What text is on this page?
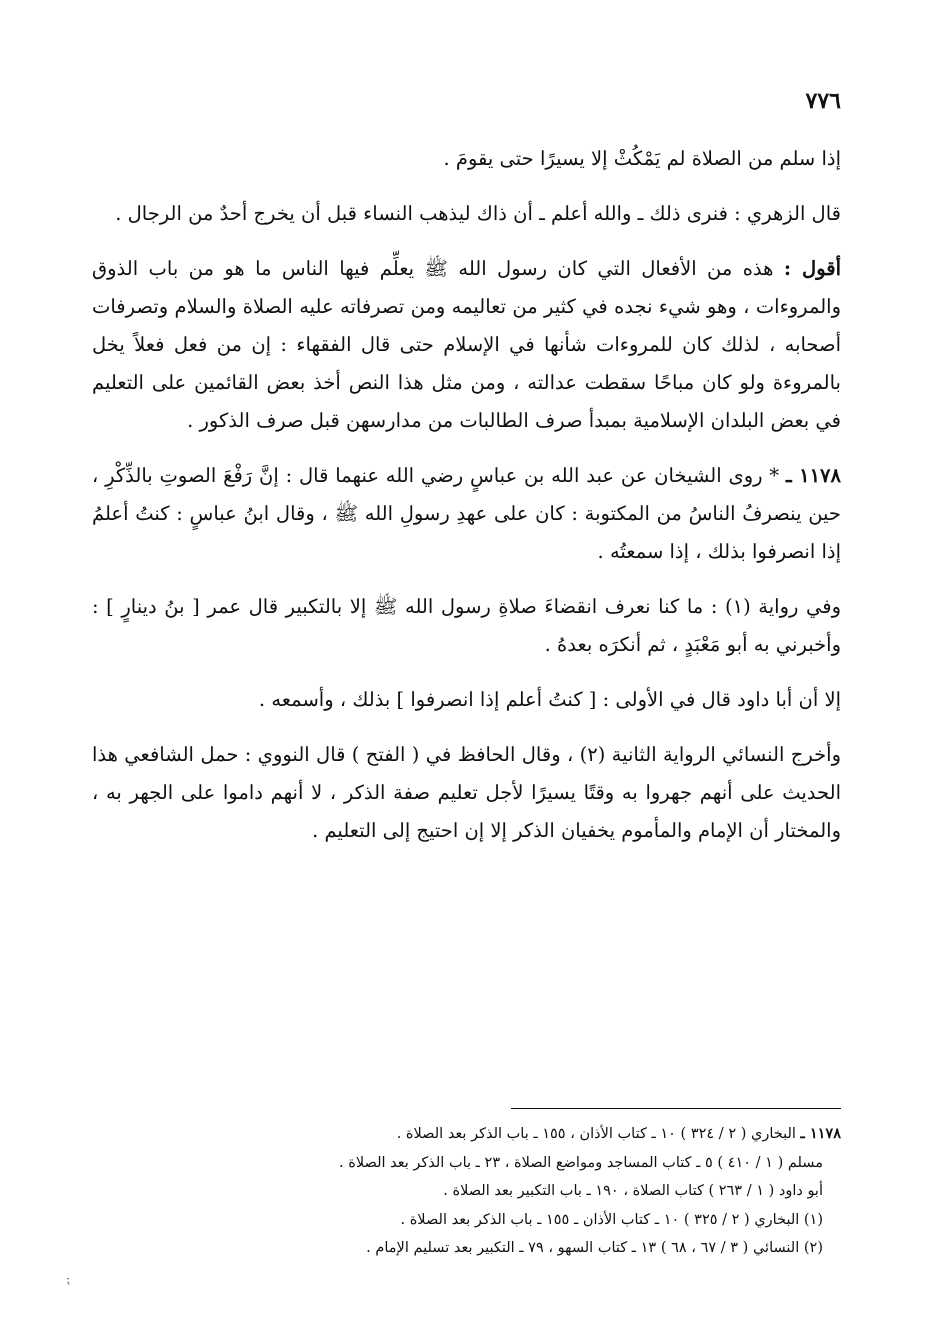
٧٧٦

إذا سلم من الصلاة لم يَمْكُثْ إلا يسيرًا حتى يقومَ .

قال الزهري : فنرى ذلك ـ والله أعلم ـ أن ذاك ليذهب النساء قبل أن يخرج أحدٌ من الرجال .

أقول : هذه من الأفعال التي كان رسول الله ﷺ يعلِّم فيها الناس ما هو من باب الذوق والمروءات ، وهو شيء نجده في كثير من تعاليمه ومن تصرفاته عليه الصلاة والسلام وتصرفات أصحابه ، لذلك كان للمروءات شأنها في الإسلام حتى قال الفقهاء : إن من فعل فعلاً يخل بالمروءة ولو كان مباحًا سقطت عدالته ، ومن مثل هذا النص أخذ بعض القائمين على التعليم في بعض البلدان الإسلامية بمبدأ صرف الطالبات من مدارسهن قبل صرف الذكور .

١١٧٨ ـ * روى الشيخان عن عبد الله بن عباسٍ رضي الله عنهما قال : إنَّ رَفْعَ الصوتِ بالذِّكْرِ ، حين ينصرفُ الناسُ من المكتوبة : كان على عهدِ رسولِ الله ﷺ ، وقال ابنُ عباسٍ : كنتُ أعلمُ إذا انصرفوا بذلك ، إذا سمعتُه .

وفي رواية (١) : ما كنا نعرف انقضاءَ صلاةِ رسول الله ﷺ إلا بالتكبير قال عمر [ بنُ دينارٍ ] : وأخبرني به أبو مَعْبَدٍ ، ثم أنكرَه بعدهُ .

إلا أن أبا داود قال في الأولى : [ كنتُ أعلم إذا انصرفوا ] بذلك ، وأسمعه .

وأخرج النسائي الرواية الثانية (٢) ، وقال الحافظ في ( الفتح ) قال النووي : حمل الشافعي هذا الحديث على أنهم جهروا به وقتًا يسيرًا لأجل تعليم صفة الذكر ، لا أنهم داموا على الجهر به ، والمختار أن الإمام والمأموم يخفيان الذكر إلا إن احتيج إلى التعليم .

١١٧٨ ـ البخاري ( ٢ / ٣٢٤ ) ١٠ ـ كتاب الأذان ، ١٥٥ ـ باب الذكر بعد الصلاة .
مسلم ( ١ / ٤١٠ ) ٥ ـ كتاب المساجد ومواضع الصلاة ، ٢٣ ـ باب الذكر بعد الصلاة .
أبو داود ( ١ / ٢٦٣ ) كتاب الصلاة ، ١٩٠ ـ باب التكبير بعد الصلاة .
(١) البخاري ( ٢ / ٣٢٥ ) ١٠ ـ كتاب الأذان ـ ١٥٥ ـ باب الذكر بعد الصلاة .
(٢) النسائي ( ٣ / ٦٧ ، ٦٨ ) ١٣ ـ كتاب السهو ، ٧٩ ـ التكبير بعد تسليم الإمام .
⁏
